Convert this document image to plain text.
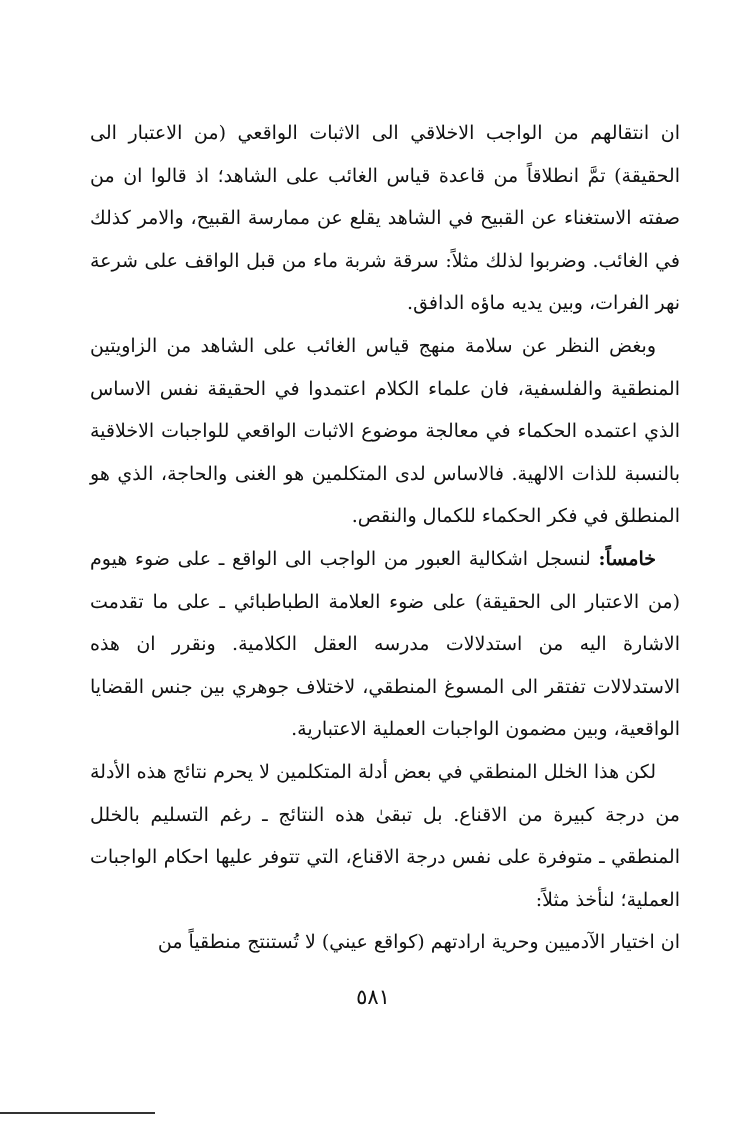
ان انتقالهم من الواجب الاخلاقي الى الاثبات الواقعي (من الاعتبار الى الحقيقة) تمَّ انطلاقاً من قاعدة قياس الغائب على الشاهد؛ اذ قالوا ان من صفته الاستغناء عن القبيح في الشاهد يقلع عن ممارسة القبيح، والامر كذلك في الغائب. وضربوا لذلك مثلاً: سرقة شربة ماء من قبل الواقف على شرعة نهر الفرات، وبين يديه ماؤه الدافق.

وبغض النظر عن سلامة منهج قياس الغائب على الشاهد من الزاويتين المنطقية والفلسفية، فان علماء الكلام اعتمدوا في الحقيقة نفس الاساس الذي اعتمده الحكماء في معالجة موضوع الاثبات الواقعي للواجبات الاخلاقية بالنسبة للذات الالهية. فالاساس لدى المتكلمين هو الغنى والحاجة، الذي هو المنطلق في فكر الحكماء للكمال والنقص.

خامساً: لنسجل اشكالية العبور من الواجب الى الواقع ـ على ضوء هيوم (من الاعتبار الى الحقيقة) على ضوء العلامة الطباطبائي ـ على ما تقدمت الاشارة اليه من استدلالات مدرسه العقل الكلامية. ونقرر ان هذه الاستدلالات تفتقر الى المسوغ المنطقي، لاختلاف جوهري بين جنس القضايا الواقعية، وبين مضمون الواجبات العملية الاعتبارية.

لكن هذا الخلل المنطقي في بعض أدلة المتكلمين لا يحرم نتائج هذه الأدلة من درجة كبيرة من الاقناع. بل تبقىٰ هذه النتائج ـ رغم التسليم بالخلل المنطقي ـ متوفرة على نفس درجة الاقناع، التي تتوفر عليها احكام الواجبات العملية؛ لنأخذ مثلاً:

ان اختيار الآدميين وحرية ارادتهم (كواقع عيني) لا تُستنتج منطقياً من

٥٨١
